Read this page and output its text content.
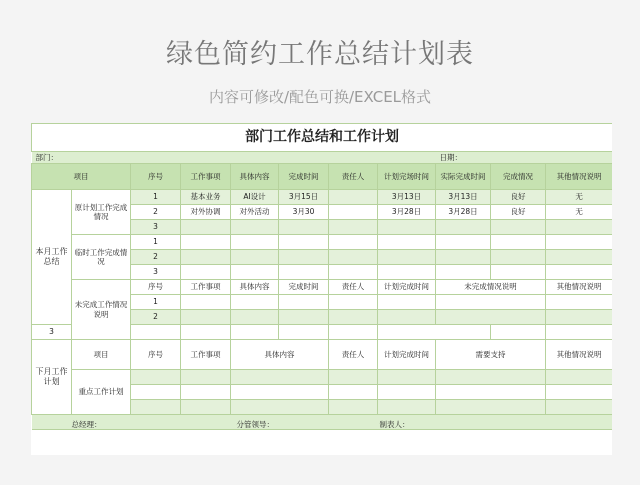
绿色简约工作总结计划表
内容可修改/配色可换/EXCEL格式
部门工作总结和工作计划										
部门：								日期：		
项目		序号	工作事项	具体内容	完成时间	责任人	计划完场时间	实际完成时间	完成情况	其他情况说明
本月工作总结	原计划工作完成情况	1	基本业务	AI设计	3月15日		3月13日	3月13日	良好	无
		2	对外协调	对外活动	3月30		3月28日	3月28日	良好	无
		3								
	临时工作完成情况	1								
		2								
		3								
	未完成工作情况说明	序号	工作事项	具体内容	完成时间	责任人	计划完成时间	未完成情况说明		其他情况说明
		1								
		2								
3										
下月工作计划	项目	序号	工作事项	具体内容		责任人	计划完成时间	需要支持		其他情况说明
	重点工作计划									

总经理：				分管领导：			制表人：			
